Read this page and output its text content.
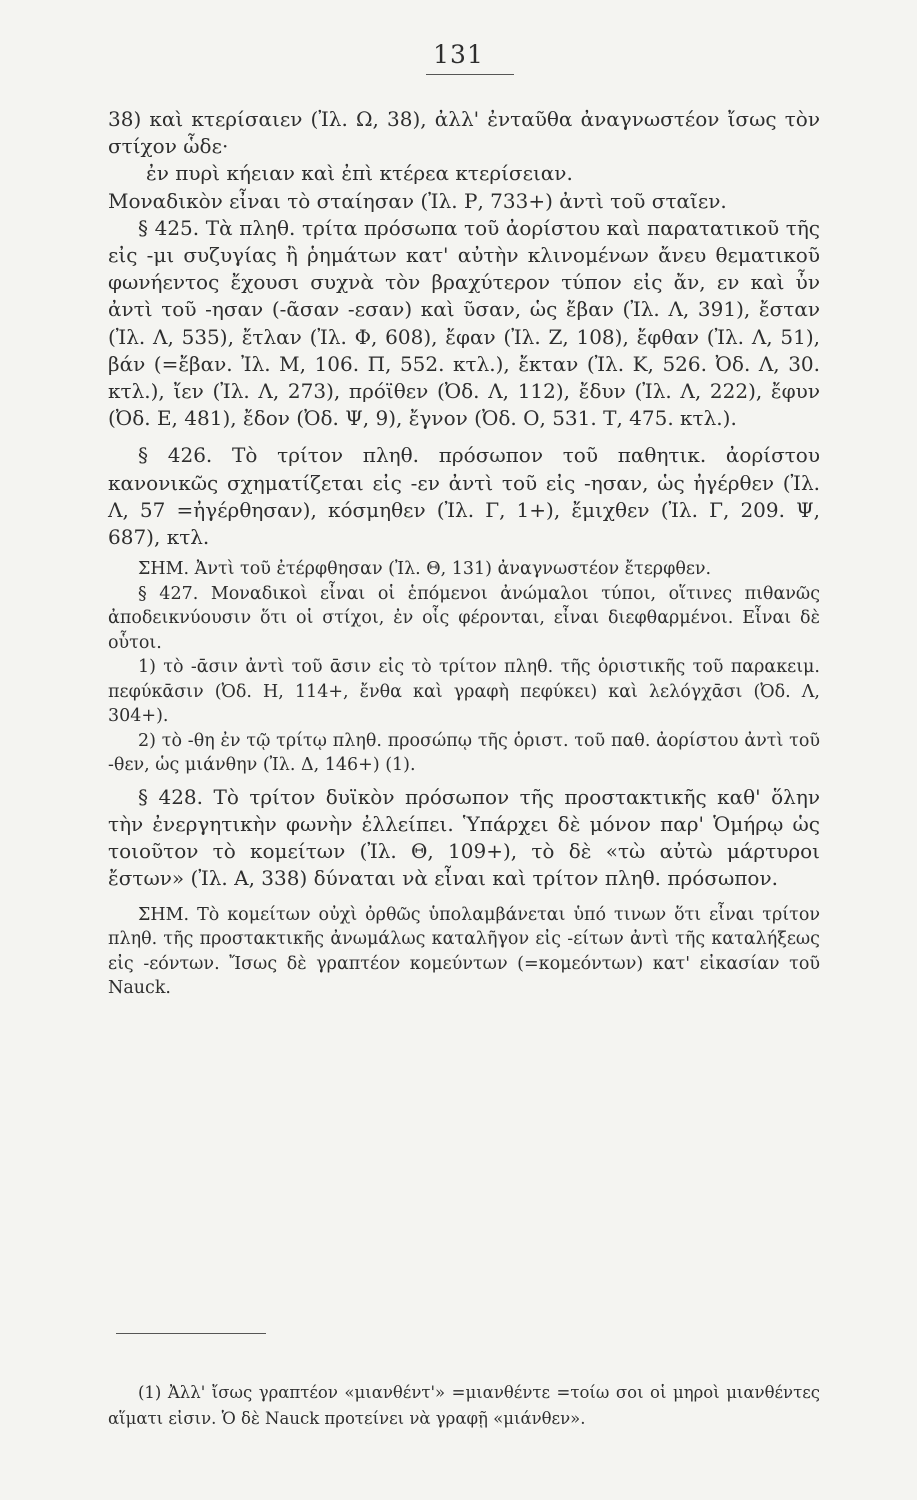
131

38) καὶ κτερίσαιεν (Ἰλ. Ω, 38), ἀλλ' ἐνταῦθα ἀναγνωστέον ἴσως τὸν στίχον ὧδε·

ἐν πυρὶ κήειαν καὶ ἐπὶ κτέρεα κτερίσειαν.

Μοναδικὸν εἶναι τὸ σταίησαν (Ἰλ. Ρ, 733+) ἀντὶ τοῦ σταῖεν.

§ 425. Τὰ πληθ. τρίτα πρόσωπα τοῦ ἀορίστου καὶ παρατατικοῦ τῆς εἰς -μι συζυγίας ἢ ῥημάτων κατ' αὐτὴν κλινομένων ἄνευ θεματικοῦ φωνήεντος ἔχουσι συχνὰ τὸν βραχύτερον τύπον εἰς ἄν, εν καὶ ὖν ἀντὶ τοῦ -ησαν (-ᾶσαν -εσαν) καὶ ῦσαν, ὡς ἔβαν (Ἰλ. Λ, 391), ἔσταν (Ἰλ. Λ, 535), ἔτλαν (Ἰλ. Φ, 608), ἔφαν (Ἰλ. Ζ, 108), ἔφθαν (Ἰλ. Λ, 51), βάν (=ἔβαν. Ἰλ. Μ, 106. Π, 552. κτλ.), ἔκταν (Ἰλ. Κ, 526. Ὀδ. Λ, 30. κτλ.), ἴεν (Ἰλ. Λ, 273), πρόϊθεν (Ὀδ. Λ, 112), ἔδυν (Ἰλ. Λ, 222), ἔφυν (Ὀδ. Ε, 481), ἔδον (Ὀδ. Ψ, 9), ἔγνον (Ὀδ. Ο, 531. Τ, 475. κτλ.).

§ 426. Τὸ τρίτον πληθ. πρόσωπον τοῦ παθητικ. ἀορίστου κανονικῶς σχηματίζεται εἰς -εν ἀντὶ τοῦ εἰς -ησαν, ὡς ἠγέρθεν (Ἰλ. Λ, 57 =ἠγέρθησαν), κόσμηθεν (Ἰλ. Γ, 1+), ἔμιχθεν (Ἰλ. Γ, 209. Ψ, 687), κτλ.

ΣΗΜ. Ἀντὶ τοῦ ἐτέρφθησαν (Ἰλ. Θ, 131) ἀναγνωστέον ἔτερφθεν.

§ 427. Μοναδικοὶ εἶναι οἱ ἑπόμενοι ἀνώμαλοι τύποι, οἵτινες πιθανῶς ἀποδεικνύουσιν ὅτι οἱ στίχοι, ἐν οἷς φέρονται, εἶναι διεφθαρμένοι. Εἶναι δὲ οὗτοι.

1) τὸ -ᾱσιν ἀντὶ τοῦ ᾱσιν εἰς τὸ τρίτον πληθ. τῆς ὁριστικῆς τοῦ παρακειμ. πεφύκᾱσιν (Ὀδ. Η, 114+, ἔνθα καὶ γραφὴ πεφύκει) καὶ λελόγχᾱσι (Ὀδ. Λ, 304+).

2) τὸ -θη ἐν τῷ τρίτῳ πληθ. προσώπῳ τῆς ὁριστ. τοῦ παθ. ἀορίστου ἀντὶ τοῦ -θεν, ὡς μιάνθην (Ἰλ. Δ, 146+) (1).

§ 428. Τὸ τρίτον δυϊκὸν πρόσωπον τῆς προστακτικῆς καθ' ὅλην τὴν ἐνεργητικὴν φωνὴν ἐλλείπει. Ὑπάρχει δὲ μόνον παρ' Ὁμήρῳ ὡς τοιοῦτον τὸ κομείτων (Ἰλ. Θ, 109+), τὸ δὲ «τὼ αὐτὼ μάρτυροι ἔστων» (Ἰλ. Α, 338) δύναται νὰ εἶναι καὶ τρίτον πληθ. πρόσωπον.

ΣΗΜ. Τὸ κομείτων οὐχὶ ὀρθῶς ὑπολαμβάνεται ὑπό τινων ὅτι εἶναι τρίτον πληθ. τῆς προστακτικῆς ἀνωμάλως καταλῆγον εἰς -είτων ἀντὶ τῆς καταλήξεως εἰς -εόντων. Ἴσως δὲ γραπτέον κομεύντων (=κομεόντων) κατ' εἰκασίαν τοῦ Nauck.

(1) Ἀλλ' ἴσως γραπτέον «μιανθέντ'» =μιανθέντε =τοίω σοι οἱ μηροὶ μιανθέντες αἵματι εἰσιν. Ὁ δὲ Nauck προτείνει νὰ γραφῇ «μιάνθεν».
